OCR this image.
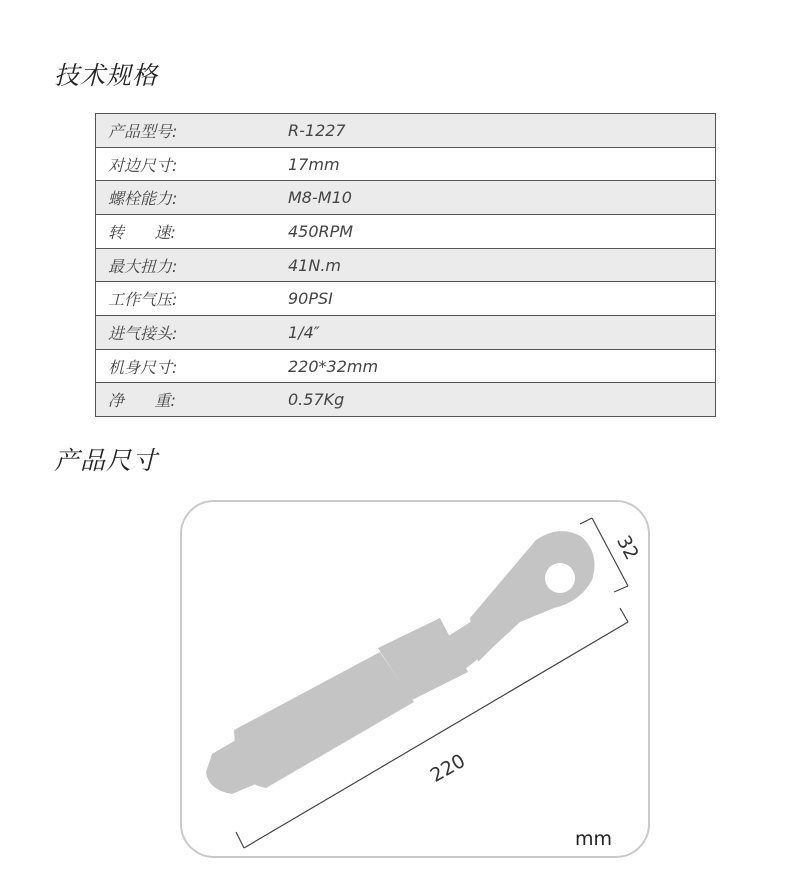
技术规格
产品型号:	R-1227
对边尺寸:	17mm
螺栓能力:	M8-M10
转      速:	450RPM
最大扭力:	41N.m
工作气压:	90PSI
进气接头:	1/4″
机身尺寸:	220*32mm
净      重:	0.57Kg
产品尺寸
32
220
mm
